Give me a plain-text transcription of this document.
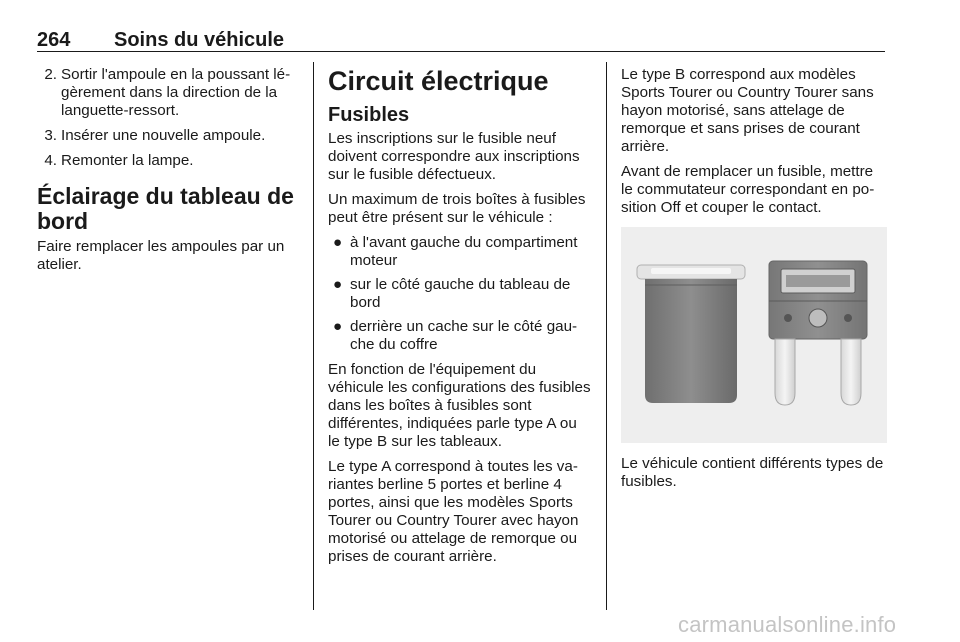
264 Soins du véhicule
2. Sortir l'ampoule en la poussant légèrement dans la direction de la languette-ressort.
3. Insérer une nouvelle ampoule.
4. Remonter la lampe.
Éclairage du tableau de bord

Faire remplacer les ampoules par un atelier.

Circuit électrique
Fusibles

Les inscriptions sur le fusible neuf doivent correspondre aux inscriptions sur le fusible défectueux.

Un maximum de trois boîtes à fusibles peut être présent sur le véhicule :

● à l'avant gauche du compartiment moteur
● sur le côté gauche du tableau de bord
● derrière un cache sur le côté gauche du coffre

En fonction de l'équipement du véhicule les configurations des fusibles dans les boîtes à fusibles sont différentes, indiquées parle type A ou le type B sur les tableaux.

Le type A correspond à toutes les variantes berline 5 portes et berline 4 portes, ainsi que les modèles Sports Tourer ou Country Tourer avec hayon motorisé ou attelage de remorque ou prises de courant arrière.

Le type B correspond aux modèles Sports Tourer ou Country Tourer sans hayon motorisé, sans attelage de remorque et sans prises de courant arrière.

Avant de remplacer un fusible, mettre le commutateur correspondant en position Off et couper le contact.

Le véhicule contient différents types de fusibles.

carmanualsonline.info
